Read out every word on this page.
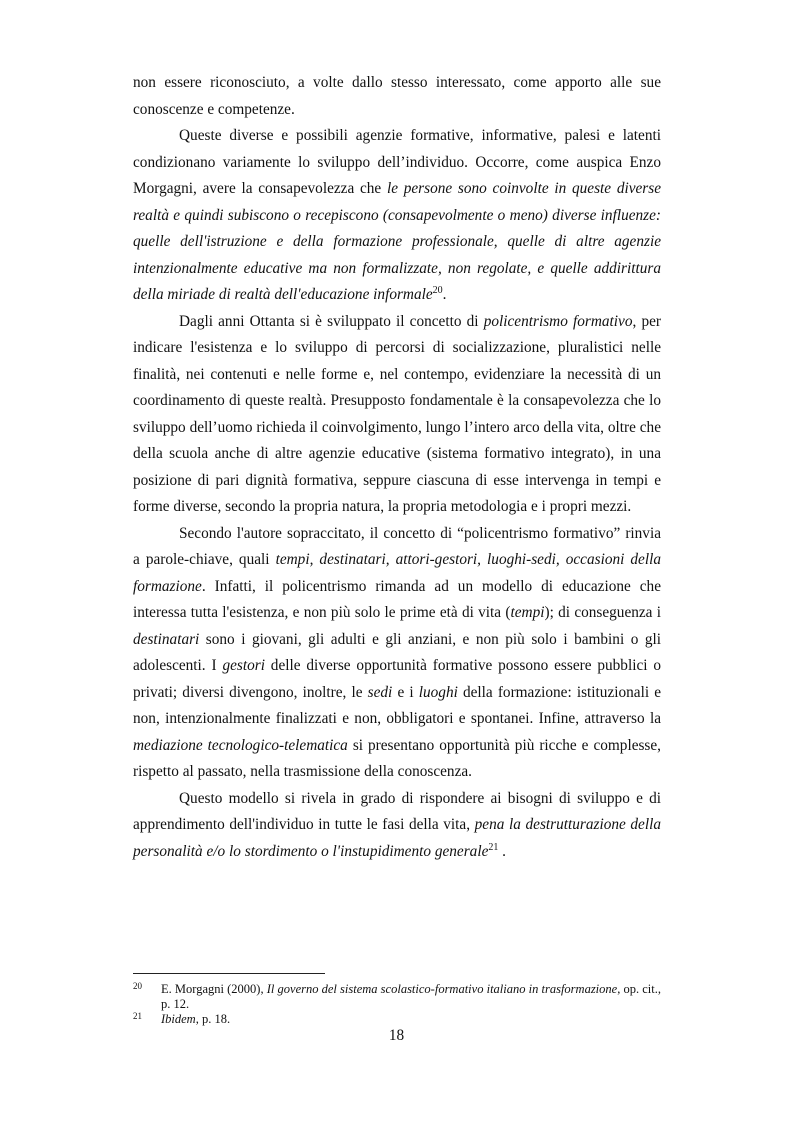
non essere riconosciuto, a volte dallo stesso interessato, come apporto alle sue conoscenze e competenze.

Queste diverse e possibili agenzie formative, informative, palesi e latenti condizionano variamente lo sviluppo dell’individuo. Occorre, come auspica Enzo Morgagni, avere la consapevolezza che le persone sono coinvolte in queste diverse realtà e quindi subiscono o recepiscono (consapevolmente o meno) diverse influenze: quelle dell'istruzione e della formazione professionale, quelle di altre agenzie intenzionalmente educative ma non formalizzate, non regolate, e quelle addirittura della miriade di realtà dell'educazione informale$^{20}$.

Dagli anni Ottanta si è sviluppato il concetto di policentrismo formativo, per indicare l'esistenza e lo sviluppo di percorsi di socializzazione, pluralistici nelle finalità, nei contenuti e nelle forme e, nel contempo, evidenziare la necessità di un coordinamento di queste realtà. Presupposto fondamentale è la consapevolezza che lo sviluppo dell’uomo richieda il coinvolgimento, lungo l’intero arco della vita, oltre che della scuola anche di altre agenzie educative (sistema formativo integrato), in una posizione di pari dignità formativa, seppure ciascuna di esse intervenga in tempi e forme diverse, secondo la propria natura, la propria metodologia e i propri mezzi.

Secondo l'autore sopraccitato, il concetto di “policentrismo formativo” rinvia a parole-chiave, quali tempi, destinatari, attori-gestori, luoghi-sedi, occasioni della formazione. Infatti, il policentrismo rimanda ad un modello di educazione che interessa tutta l'esistenza, e non più solo le prime età di vita (tempi); di conseguenza i destinatari sono i giovani, gli adulti e gli anziani, e non più solo i bambini o gli adolescenti. I gestori delle diverse opportunità formative possono essere pubblici o privati; diversi divengono, inoltre, le sedi e i luoghi della formazione: istituzionali e non, intenzionalmente finalizzati e non, obbligatori e spontanei. Infine, attraverso la mediazione tecnologico-telematica si presentano opportunità più ricche e complesse, rispetto al passato, nella trasmissione della conoscenza.

Questo modello si rivela in grado di rispondere ai bisogni di sviluppo e di apprendimento dell'individuo in tutte le fasi della vita, pena la destrutturazione della personalità e/o lo stordimento o l'instupidimento generale$^{21}$ .

20 E. Morgagni (2000), Il governo del sistema scolastico-formativo italiano in trasformazione, op. cit., p. 12.

21 Ibidem, p. 18.

18
